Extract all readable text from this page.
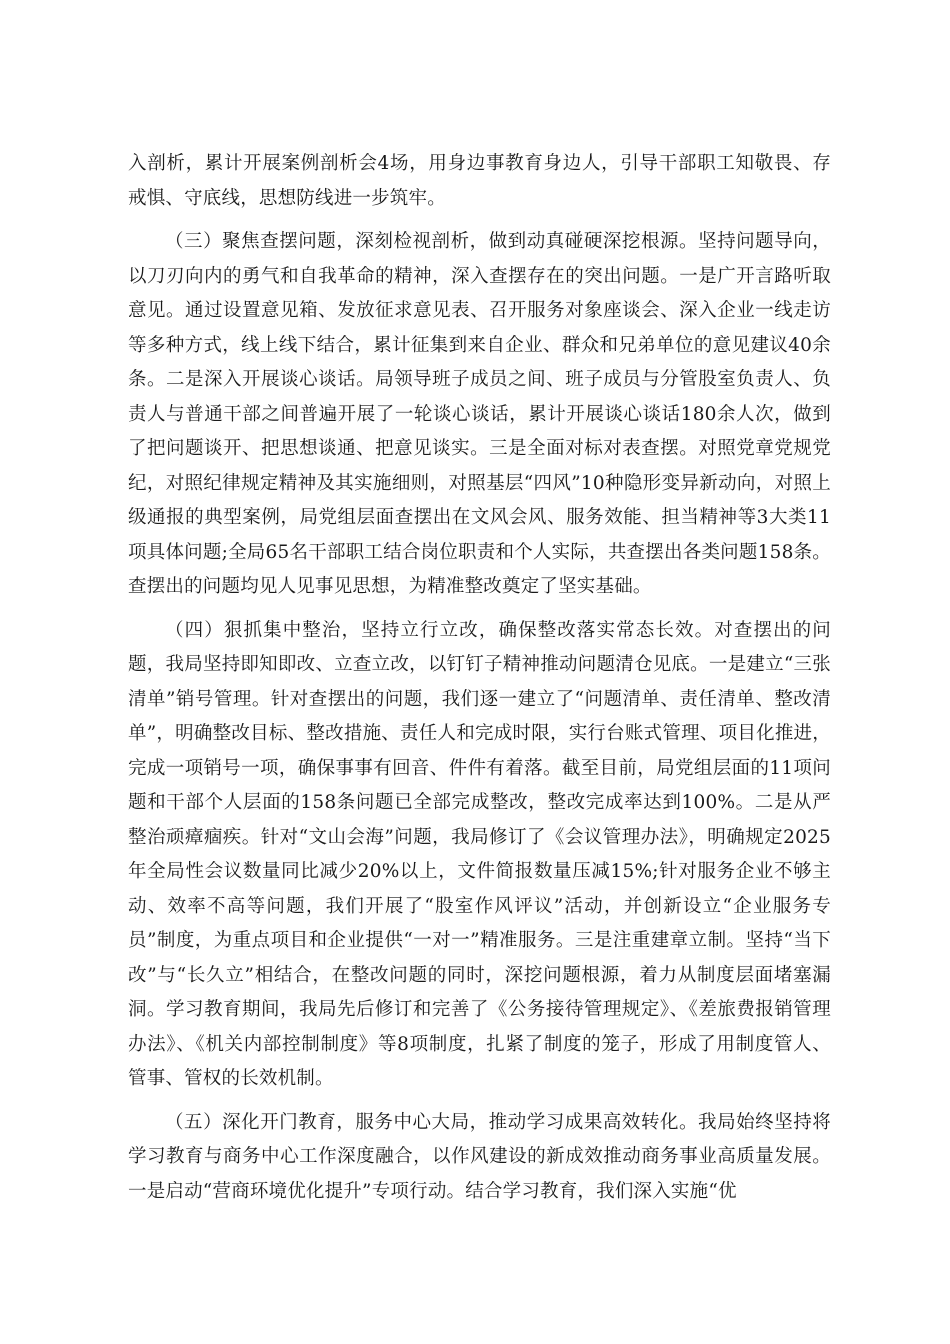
入剖析，累计开展案例剖析会4场，用身边事教育身边人，引导干部职工知敬畏、存戒惧、守底线，思想防线进一步筑牢。

（三）聚焦查摆问题，深刻检视剖析，做到动真碰硬深挖根源。坚持问题导向，以刀刃向内的勇气和自我革命的精神，深入查摆存在的突出问题。一是广开言路听取意见。通过设置意见箱、发放征求意见表、召开服务对象座谈会、深入企业一线走访等多种方式，线上线下结合，累计征集到来自企业、群众和兄弟单位的意见建议40余条。二是深入开展谈心谈话。局领导班子成员之间、班子成员与分管股室负责人、负责人与普通干部之间普遍开展了一轮谈心谈话，累计开展谈心谈话180余人次，做到了把问题谈开、把思想谈通、把意见谈实。三是全面对标对表查摆。对照党章党规党纪，对照纪律规定精神及其实施细则，对照基层“四风”10种隐形变异新动向，对照上级通报的典型案例，局党组层面查摆出在文风会风、服务效能、担当精神等3大类11项具体问题;全局65名干部职工结合岗位职责和个人实际，共查摆出各类问题158条。查摆出的问题均见人见事见思想，为精准整改奠定了坚实基础。

（四）狠抓集中整治，坚持立行立改，确保整改落实常态长效。对查摆出的问题，我局坚持即知即改、立查立改，以钉钉子精神推动问题清仓见底。一是建立“三张清单”销号管理。针对查摆出的问题，我们逐一建立了“问题清单、责任清单、整改清单”，明确整改目标、整改措施、责任人和完成时限，实行台账式管理、项目化推进，完成一项销号一项，确保事事有回音、件件有着落。截至目前，局党组层面的11项问题和干部个人层面的158条问题已全部完成整改，整改完成率达到100%。二是从严整治顽瘴痼疾。针对“文山会海”问题，我局修订了《会议管理办法》，明确规定2025年全局性会议数量同比减少20%以上，文件简报数量压减15%;针对服务企业不够主动、效率不高等问题，我们开展了“股室作风评议”活动，并创新设立“企业服务专员”制度，为重点项目和企业提供“一对一”精准服务。三是注重建章立制。坚持“当下改”与“长久立”相结合，在整改问题的同时，深挖问题根源，着力从制度层面堵塞漏洞。学习教育期间，我局先后修订和完善了《公务接待管理规定》、《差旅费报销管理办法》、《机关内部控制制度》等8项制度，扎紧了制度的笼子，形成了用制度管人、管事、管权的长效机制。

（五）深化开门教育，服务中心大局，推动学习成果高效转化。我局始终坚持将学习教育与商务中心工作深度融合，以作风建设的新成效推动商务事业高质量发展。一是启动“营商环境优化提升”专项行动。结合学习教育，我们深入实施“优
